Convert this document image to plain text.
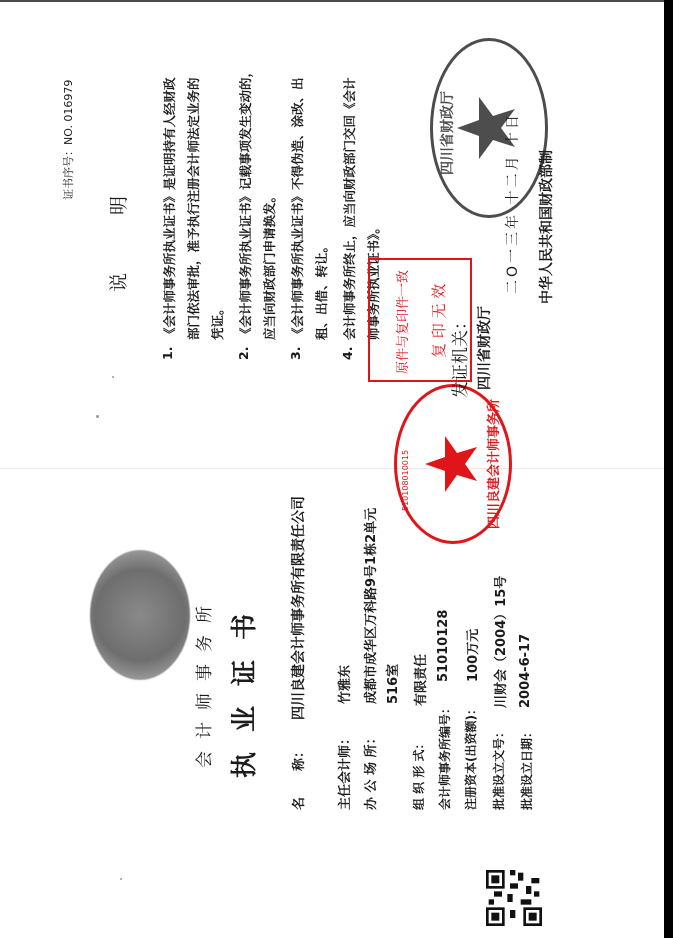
会计师事务所 执业证书	名　　称：
四川良建会计师事务所有限责任公司
主任会计师：
竹雅东
办 公 场 所：
成都市成华区万科路9号1栋2单元 516室
组 织 形 式：
有限责任
会计师事务所编号：
51010128
注册资本(出资额)：
100万元
批准设立文号：
川财会（2004）15号
批准设立日期：
2004-6-17
四川良建会计师事务所
510108010015
证书序号：NO. 016979
说 明
1.
《会计师事务所执业证书》是证明持有人经财政 部门依法审批，准予执行注册会计师法定业务的 凭证。
2.
《会计师事务所执业证书》记载事项发生变动的， 应当向财政部门申请换发。
3.
《会计师事务所执业证书》不得伪造、涂改、出 租、出借、转让。
4.
会计师事务所终止，应当向财政部门交回《会计 师事务所执业证书》。	原件与复印件一致 复 印 无 效
四川省财政厅
发证机关： 四川省财政厅
二O一三年 十二月 十日 中华人民共和国财政部制
